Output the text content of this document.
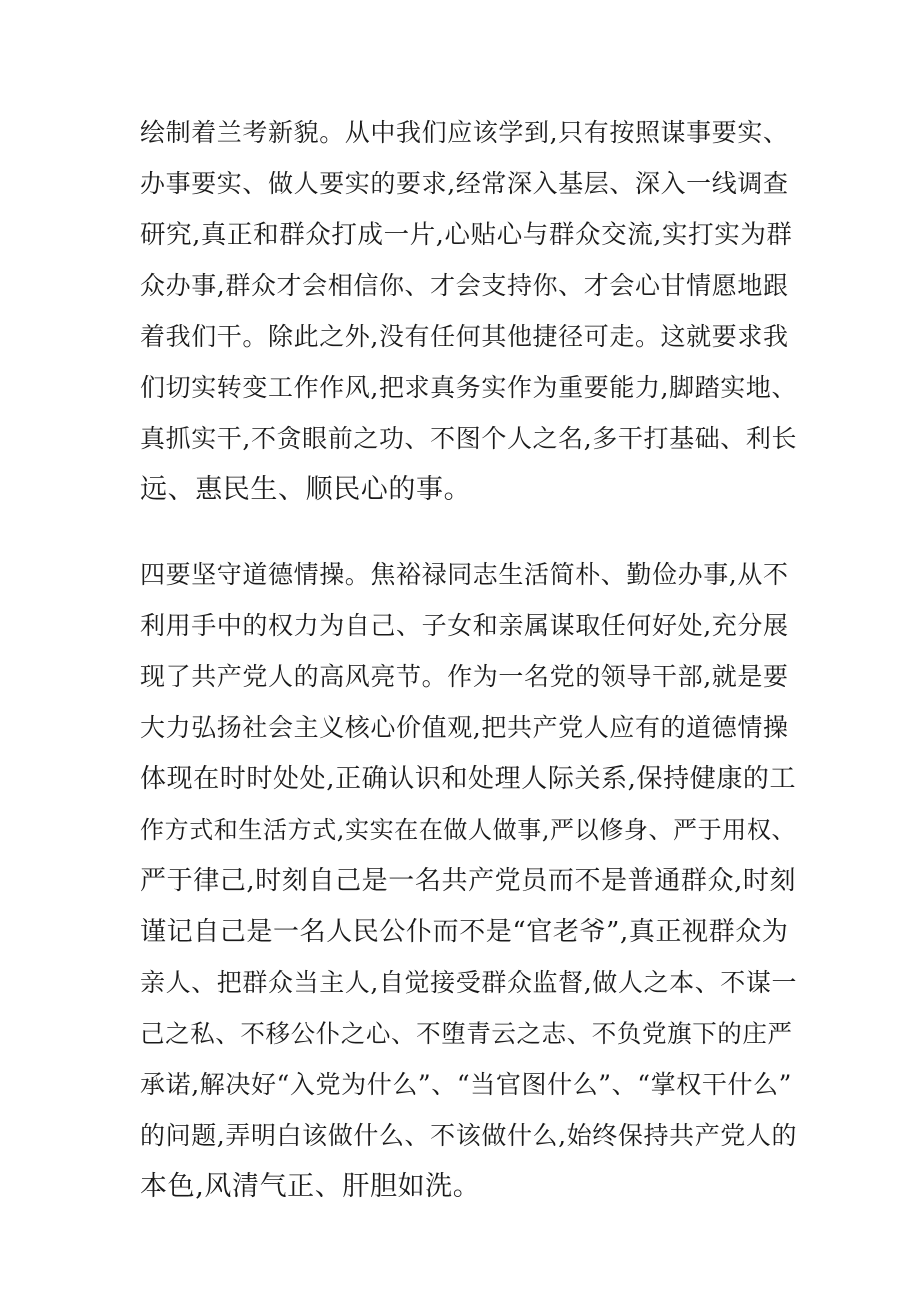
绘制着兰考新貌。从中我们应该学到,只有按照谋事要实、
办事要实、做人要实的要求,经常深入基层、深入一线调查
研究,真正和群众打成一片,心贴心与群众交流,实打实为群
众办事,群众才会相信你、才会支持你、才会心甘情愿地跟
着我们干。除此之外,没有任何其他捷径可走。这就要求我
们切实转变工作作风,把求真务实作为重要能力,脚踏实地、
真抓实干,不贪眼前之功、不图个人之名,多干打基础、利长
远、惠民生、顺民心的事。
四要坚守道德情操。焦裕禄同志生活简朴、勤俭办事,从不
利用手中的权力为自己、子女和亲属谋取任何好处,充分展
现了共产党人的高风亮节。作为一名党的领导干部,就是要
大力弘扬社会主义核心价值观,把共产党人应有的道德情操
体现在时时处处,正确认识和处理人际关系,保持健康的工
作方式和生活方式,实实在在做人做事,严以修身、严于用权、
严于律己,时刻自己是一名共产党员而不是普通群众,时刻
谨记自己是一名人民公仆而不是“官老爷”,真正视群众为
亲人、把群众当主人,自觉接受群众监督,做人之本、不谋一
己之私、不移公仆之心、不堕青云之志、不负党旗下的庄严
承诺,解决好“入党为什么”、“当官图什么”、“掌权干什么”
的问题,弄明白该做什么、不该做什么,始终保持共产党人的
本色,风清气正、肝胆如洗。
